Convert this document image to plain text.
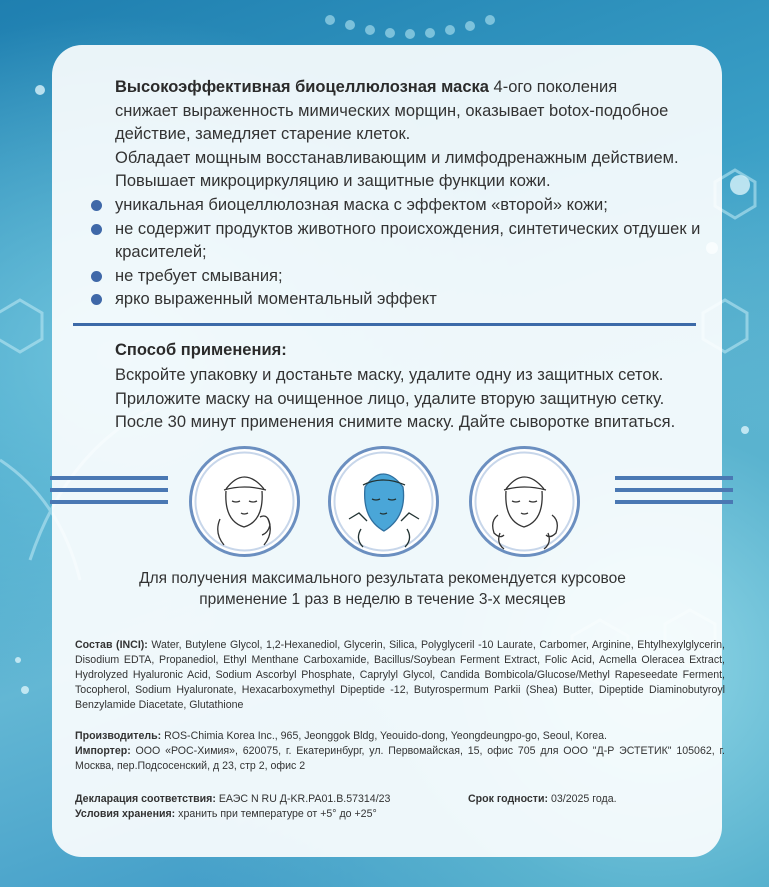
Высокоэффективная биоцеллюлозная маска 4-ого поколения
снижает выраженность мимических морщин, оказывает botox-подобное
действие, замедляет старение клеток.
Обладает мощным восстанавливающим и лимфодренажным действием.
Повышает микроциркуляцию и защитные функции кожи.
уникальная биоцеллюлозная маска с эффектом «второй» кожи;
не содержит продуктов животного происхождения, синтетических отдушек и красителей;
не требует смывания;
ярко выраженный моментальный эффект
Способ применения:
Вскройте упаковку и достаньте маску, удалите одну из защитных сеток.
Приложите маску на очищенное лицо, удалите вторую защитную сетку.
После 30 минут применения снимите маску. Дайте сыворотке впитаться.
Для получения максимального результата рекомендуется курсовое
применение 1 раз в неделю в течение 3-х месяцев
Состав (INCI): Water, Butylene Glycol, 1,2-Hexanediol, Glycerin, Silica, Polyglyceril -10 Laurate, Carbomer, Arginine, Ehtylhexylglycerin, Disodium EDTA, Propanediol, Ethyl Menthane Carboxamide, Bacillus/Soybean Ferment Extract, Folic Acid, Acmella Oleracea Extract, Hydrolyzed Hyaluronic Acid, Sodium Ascorbyl Phosphate, Caprylyl Glycol, Candida Bombicola/Glucose/Methyl Rapeseedate Ferment, Tocopherol, Sodium Hyaluronate, Hexacarboxymethyl Dipeptide -12, Butyrospermum Parkii (Shea) Butter, Dipeptide Diaminobutyroyl Benzylamide Diacetate, Glutathione
Производитель: ROS-Chimia Korea Inc., 965, Jeonggok Bldg, Yeouido-dong, Yeongdeungpo-go, Seoul, Korea.
Импортер: ООО «РОС-Химия», 620075, г. Екатеринбург, ул. Первомайская, 15, офис 705 для ООО "Д-Р ЭСТЕТИК" 105062, г. Москва, пер.Подсосенский, д 23, стр 2, офис 2
Декларация соответствия: ЕАЭС N RU Д-KR.PA01.B.57314/23	Срок годности: 03/2025 года.
Условия хранения: хранить при температуре от +5° до +25°
